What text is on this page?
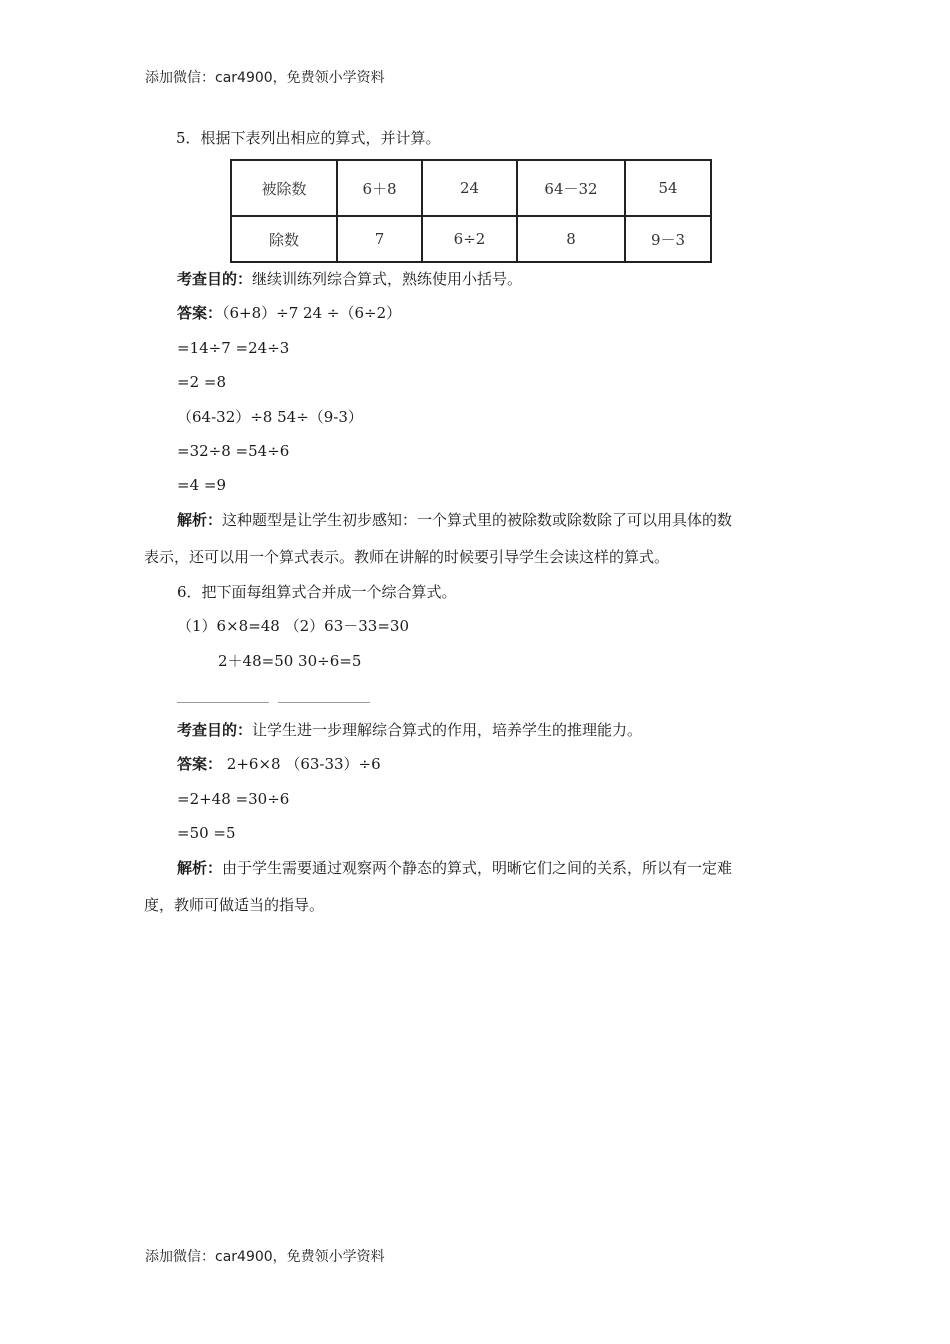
添加微信：car4900，免费领小学资料
5．根据下表列出相应的算式，并计算。
被除数	6＋8	24	64－32	54
除数	7	6÷2	8	9－3
考查目的：继续训练列综合算式，熟练使用小括号。
答案：（6+8）÷7 24 ÷（6÷2）
=14÷7 =24÷3
=2 =8
（64-32）÷8 54÷（9-3）
=32÷8 =54÷6
=4 =9
解析：这种题型是让学生初步感知：一个算式里的被除数或除数除了可以用具体的数
表示，还可以用一个算式表示。教师在讲解的时候要引导学生会读这样的算式。
6．把下面每组算式合并成一个综合算式。
（1）6×8=48 （2）63－33=30
2＋48=50 30÷6=5
考查目的：让学生进一步理解综合算式的作用，培养学生的推理能力。
答案： 2+6×8 （63-33）÷6
=2+48 =30÷6
=50 =5
解析：由于学生需要通过观察两个静态的算式，明晰它们之间的关系，所以有一定难
度，教师可做适当的指导。
添加微信：car4900，免费领小学资料
